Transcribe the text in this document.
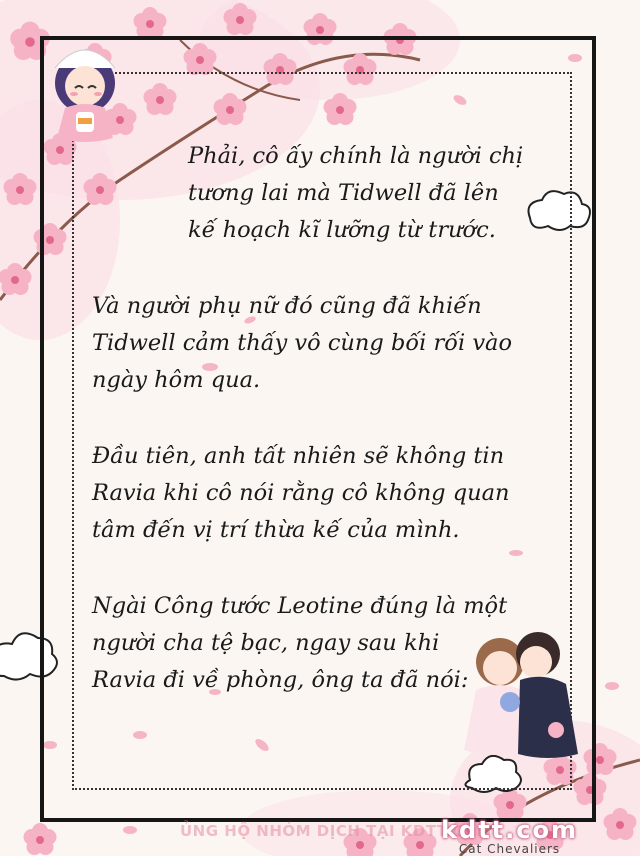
Phải, cô ấy chính là người chị
tương lai mà Tidwell đã lên
kế hoạch kĩ lưỡng từ trước.

Và người phụ nữ đó cũng đã khiến
Tidwell cảm thấy vô cùng bối rối vào
ngày hôm qua.

Đầu tiên, anh tất nhiên sẽ không tin
Ravia khi cô nói rằng cô không quan
tâm đến vị trí thừa kế của mình.

Ngài Công tước Leotine đúng là một
người cha tệ bạc, ngay sau khi
Ravia đi về phòng, ông ta đã nói:

ỦNG HỘ NHÓM DỊCH TẠI KDTT.COM
kdtt.com
Cat Chevaliers
